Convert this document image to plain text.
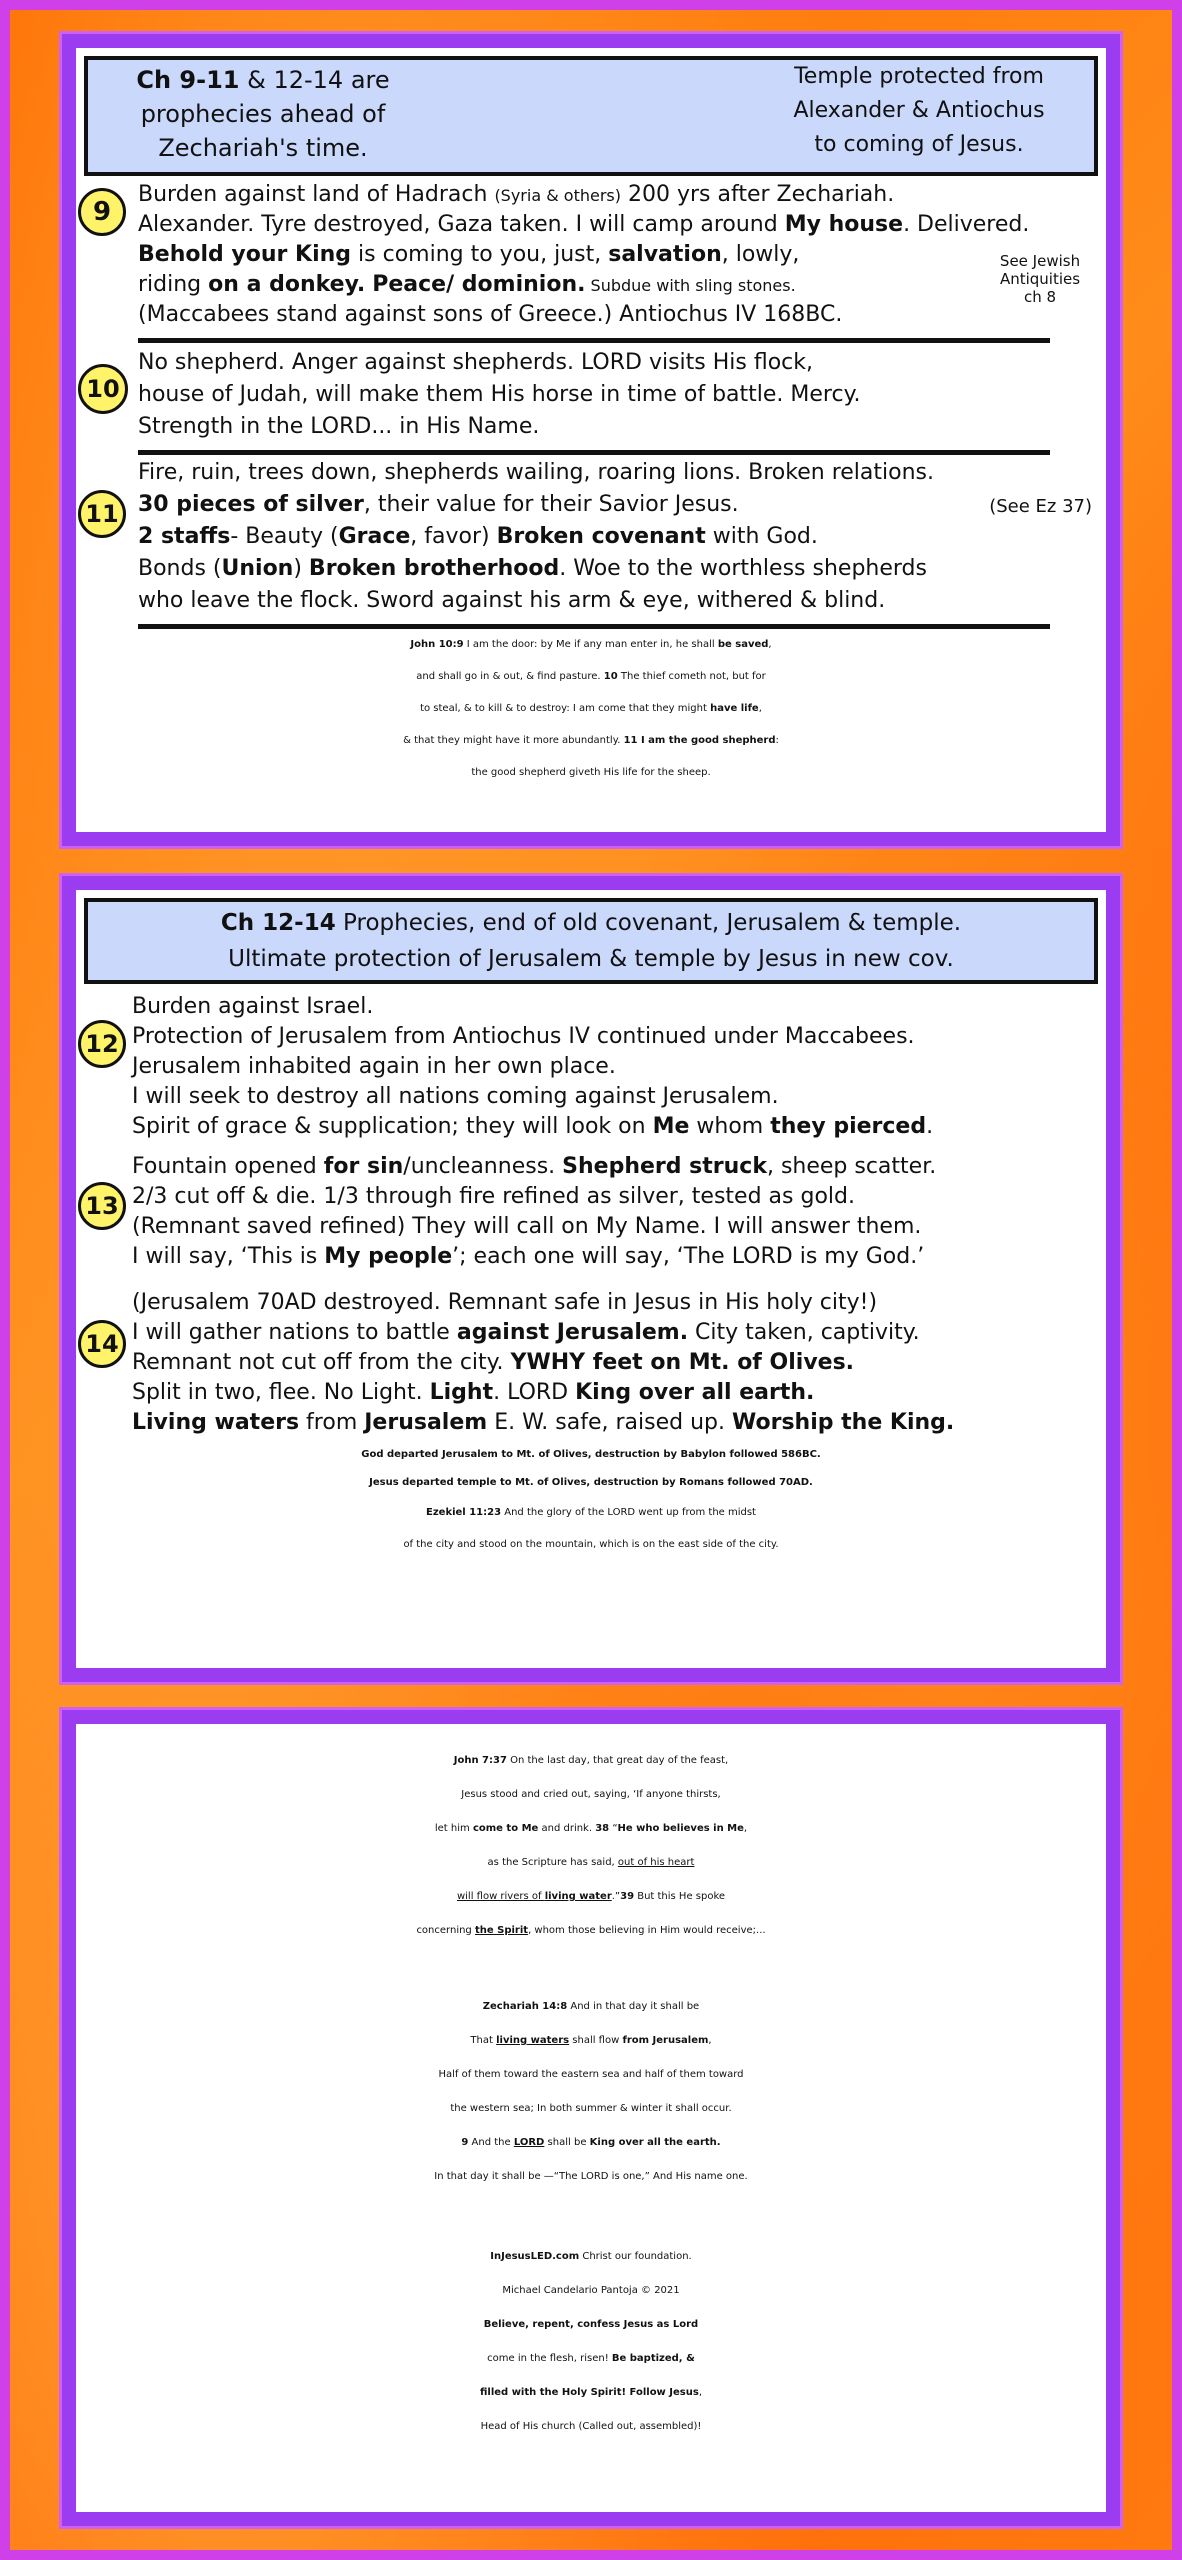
Ch 9-11 & 12-14 are
prophecies ahead of
Zechariah's time.
Temple protected from
Alexander & Antiochus
to coming of Jesus.
9
Burden against land of Hadrach (Syria & others) 200 yrs after Zechariah.
Alexander. Tyre destroyed, Gaza taken. I will camp around My house. Delivered.
Behold your King is coming to you, just, salvation, lowly,
riding on a donkey. Peace/ dominion. Subdue with sling stones.
(Maccabees stand against sons of Greece.) Antiochus IV 168BC.
See Jewish
Antiquities
ch 8
10
No shepherd. Anger against shepherds. LORD visits His flock,
house of Judah, will make them His horse in time of battle. Mercy.
Strength in the LORD... in His Name.
11
Fire, ruin, trees down, shepherds wailing, roaring lions. Broken relations.
30 pieces of silver, their value for their Savior Jesus.	(See Ez 37)
2 staffs- Beauty (Grace, favor) Broken covenant with God.
Bonds (Union) Broken brotherhood. Woe to the worthless shepherds
who leave the flock. Sword against his arm & eye, withered & blind.
John 10:9 I am the door: by Me if any man enter in, he shall be saved,
and shall go in & out, & find pasture. 10 The thief cometh not, but for
to steal, & to kill & to destroy: I am come that they might have life,
& that they might have it more abundantly. 11 I am the good shepherd:
the good shepherd giveth His life for the sheep.
Ch 12-14 Prophecies, end of old covenant, Jerusalem & temple.
Ultimate protection of Jerusalem & temple by Jesus in new cov.
12
Burden against Israel.
Protection of Jerusalem from Antiochus IV continued under Maccabees.
Jerusalem inhabited again in her own place.
I will seek to destroy all nations coming against Jerusalem.
Spirit of grace & supplication; they will look on Me whom they pierced.
13
Fountain opened for sin/uncleanness. Shepherd struck, sheep scatter.
2/3 cut off & die. 1/3 through fire refined as silver, tested as gold.
(Remnant saved refined) They will call on My Name. I will answer them.
I will say, ‘This is My people’; each one will say, ‘The LORD is my God.’
14
(Jerusalem 70AD destroyed. Remnant safe in Jesus in His holy city!)
I will gather nations to battle against Jerusalem. City taken, captivity.
Remnant not cut off from the city. YWHY feet on Mt. of Olives.
Split in two, flee. No Light. Light. LORD King over all earth.
Living waters from Jerusalem E. W. safe, raised up. Worship the King.
God departed Jerusalem to Mt. of Olives, destruction by Babylon followed 586BC.
Jesus departed temple to Mt. of Olives, destruction by Romans followed 70AD.
Ezekiel 11:23 And the glory of the LORD went up from the midst
of the city and stood on the mountain, which is on the east side of the city.
John 7:37 On the last day, that great day of the feast,
Jesus stood and cried out, saying, ‘If anyone thirsts,
let him come to Me and drink. 38 “He who believes in Me,
as the Scripture has said, out of his heart
will flow rivers of living water.”39 But this He spoke
concerning the Spirit, whom those believing in Him would receive;...
Zechariah 14:8 And in that day it shall be
That living waters shall flow from Jerusalem,
Half of them toward the eastern sea and half of them toward
the western sea; In both summer & winter it shall occur.
9 And the LORD shall be King over all the earth.
In that day it shall be —“The LORD is one,” And His name one.
InJesusLED.com Christ our foundation.
Michael Candelario Pantoja © 2021
Believe, repent, confess Jesus as Lord
come in the flesh, risen! Be baptized, &
filled with the Holy Spirit! Follow Jesus,
Head of His church (Called out, assembled)!
